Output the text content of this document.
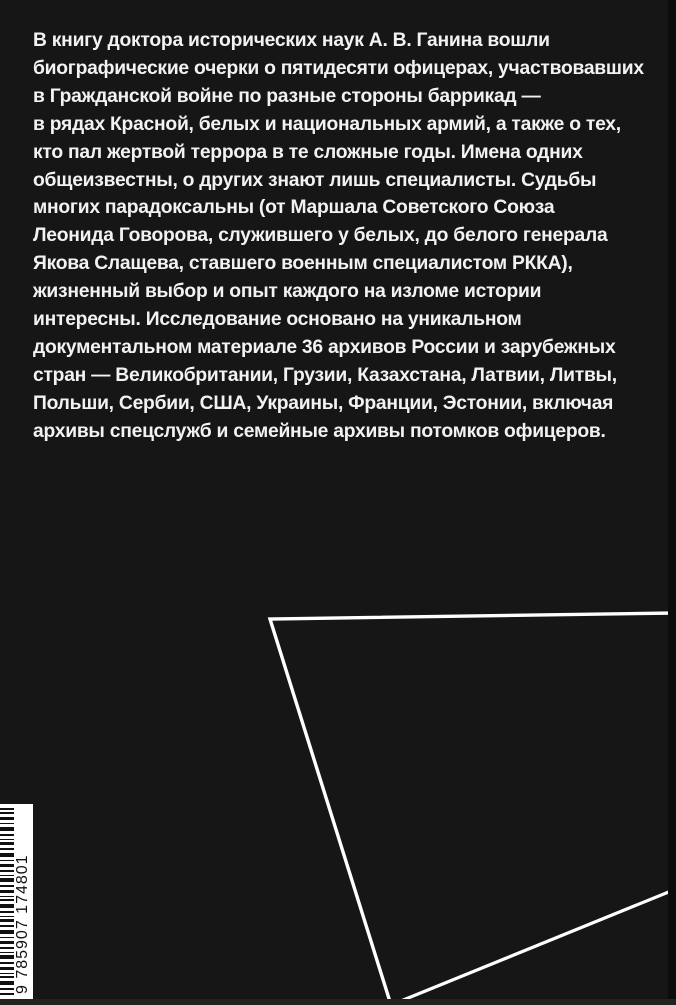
В книгу доктора исторических наук А. В. Ганина вошли
биографические очерки о пятидесяти офицерах, участвовавших
в Гражданской войне по разные стороны баррикад —
в рядах Красной, белых и национальных армий, а также о тех,
кто пал жертвой террора в те сложные годы. Имена одних
общеизвестны, о других знают лишь специалисты. Судьбы
многих парадоксальны (от Маршала Советского Союза
Леонида Говорова, служившего у белых, до белого генерала
Якова Слащева, ставшего военным специалистом РККА),
жизненный выбор и опыт каждого на изломе истории
интересны. Исследование основано на уникальном
документальном материале 36 архивов России и зарубежных
стран — Великобритании, Грузии, Казахстана, Латвии, Литвы,
Польши, Сербии, США, Украины, Франции, Эстонии, включая
архивы спецслужб и семейные архивы потомков офицеров.
9 785907 174801
